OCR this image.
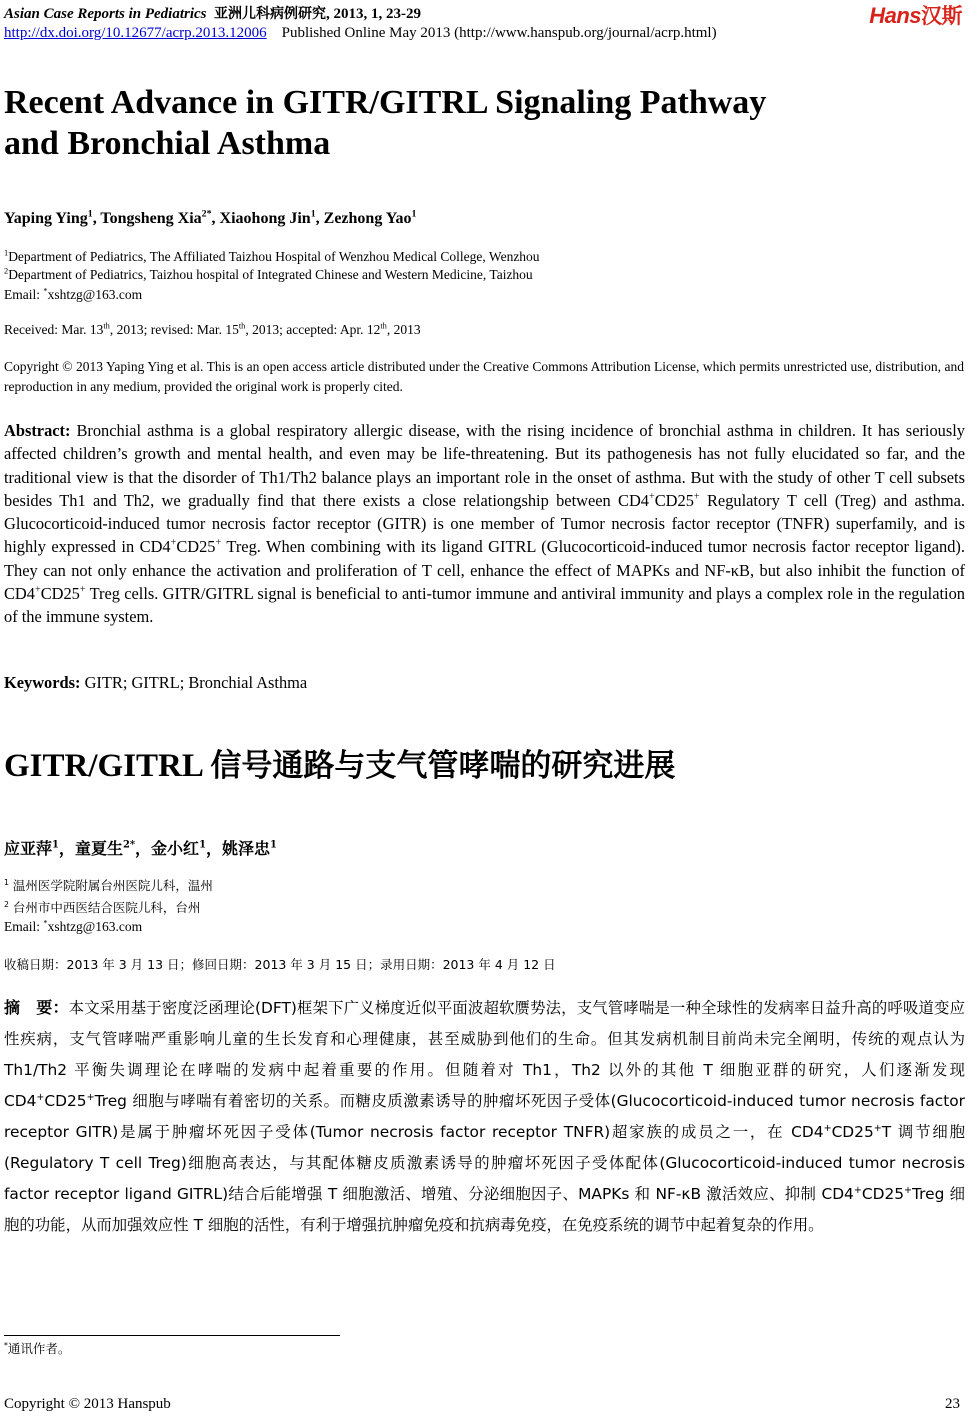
Asian Case Reports in Pediatrics 亚洲儿科病例研究, 2013, 1, 23-29
http://dx.doi.org/10.12677/acrp.2013.12006 Published Online May 2013 (http://www.hanspub.org/journal/acrp.html)
Hans汉斯
Recent Advance in GITR/GITRL Signaling Pathway
and Bronchial Asthma
Yaping Ying$^1$, Tongsheng Xia$^{2*}$, Xiaohong Jin$^1$, Zezhong Yao$^1$
$^1$Department of Pediatrics, The Affiliated Taizhou Hospital of Wenzhou Medical College, Wenzhou
$^2$Department of Pediatrics, Taizhou hospital of Integrated Chinese and Western Medicine, Taizhou
Email: *xshtzg@163.com
Received: Mar. 13th, 2013; revised: Mar. 15th, 2013; accepted: Apr. 12th, 2013
Copyright © 2013 Yaping Ying et al. This is an open access article distributed under the Creative Commons Attribution License, which permits unrestricted use, distribution, and reproduction in any medium, provided the original work is properly cited.
Abstract: Bronchial asthma is a global respiratory allergic disease, with the rising incidence of bronchial asthma in children. It has seriously affected children’s growth and mental health, and even may be life-threatening. But its pathogenesis has not fully elucidated so far, and the traditional view is that the disorder of Th1/Th2 balance plays an important role in the onset of asthma. But with the study of other T cell subsets besides Th1 and Th2, we gradually find that there exists a close relationgship between CD4+CD25+ Regulatory T cell (Treg) and asthma. Glucocorticoid-induced tumor necrosis factor receptor (GITR) is one member of Tumor necrosis factor receptor (TNFR) superfamily, and is highly expressed in CD4+CD25+ Treg. When combining with its ligand GITRL (Glucocorticoid-induced tumor necrosis factor receptor ligand). They can not only enhance the activation and proliferation of T cell, enhance the effect of MAPKs and NF-κB, but also inhibit the function of CD4+CD25+ Treg cells. GITR/GITRL signal is beneficial to anti-tumor immune and antiviral immunity and plays a complex role in the regulation of the immune system.
Keywords: GITR; GITRL; Bronchial Asthma
GITR/GITRL 信号通路与支气管哮喘的研究进展
应亚萍$^1$，童夏生$^{2*}$，金小红$^1$，姚泽忠$^1$
$^1$ 温州医学院附属台州医院儿科，温州
$^2$ 台州市中西医结合医院儿科，台州
Email: *xshtzg@163.com
收稿日期：2013 年 3 月 13 日；修回日期：2013 年 3 月 15 日；录用日期：2013 年 4 月 12 日
摘　要：本文采用基于密度泛函理论(DFT)框架下广义梯度近似平面波超软赝势法，支气管哮喘是一种全球性的发病率日益升高的呼吸道变应性疾病，支气管哮喘严重影响儿童的生长发育和心理健康，甚至威胁到他们的生命。但其发病机制目前尚未完全阐明，传统的观点认为 Th1/Th2 平衡失调理论在哮喘的发病中起着重要的作用。但随着对 Th1，Th2 以外的其他 T 细胞亚群的研究，人们逐渐发现 CD4+CD25+Treg 细胞与哮喘有着密切的关系。而糖皮质激素诱导的肿瘤坏死因子受体(Glucocorticoid-induced tumor necrosis factor receptor GITR)是属于肿瘤坏死因子受体(Tumor necrosis factor receptor TNFR)超家族的成员之一，在 CD4+CD25+T 调节细胞(Regulatory T cell Treg)细胞高表达，与其配体糖皮质激素诱导的肿瘤坏死因子受体配体(Glucocorticoid-induced tumor necrosis factor receptor ligand GITRL)结合后能增强 T 细胞激活、增殖、分泌细胞因子、MAPKs 和 NF-κB 激活效应、抑制 CD4+CD25+Treg 细胞的功能，从而加强效应性 T 细胞的活性，有利于增强抗肿瘤免疫和抗病毒免疫，在免疫系统的调节中起着复杂的作用。
*通讯作者。
Copyright © 2013 Hanspub	23
